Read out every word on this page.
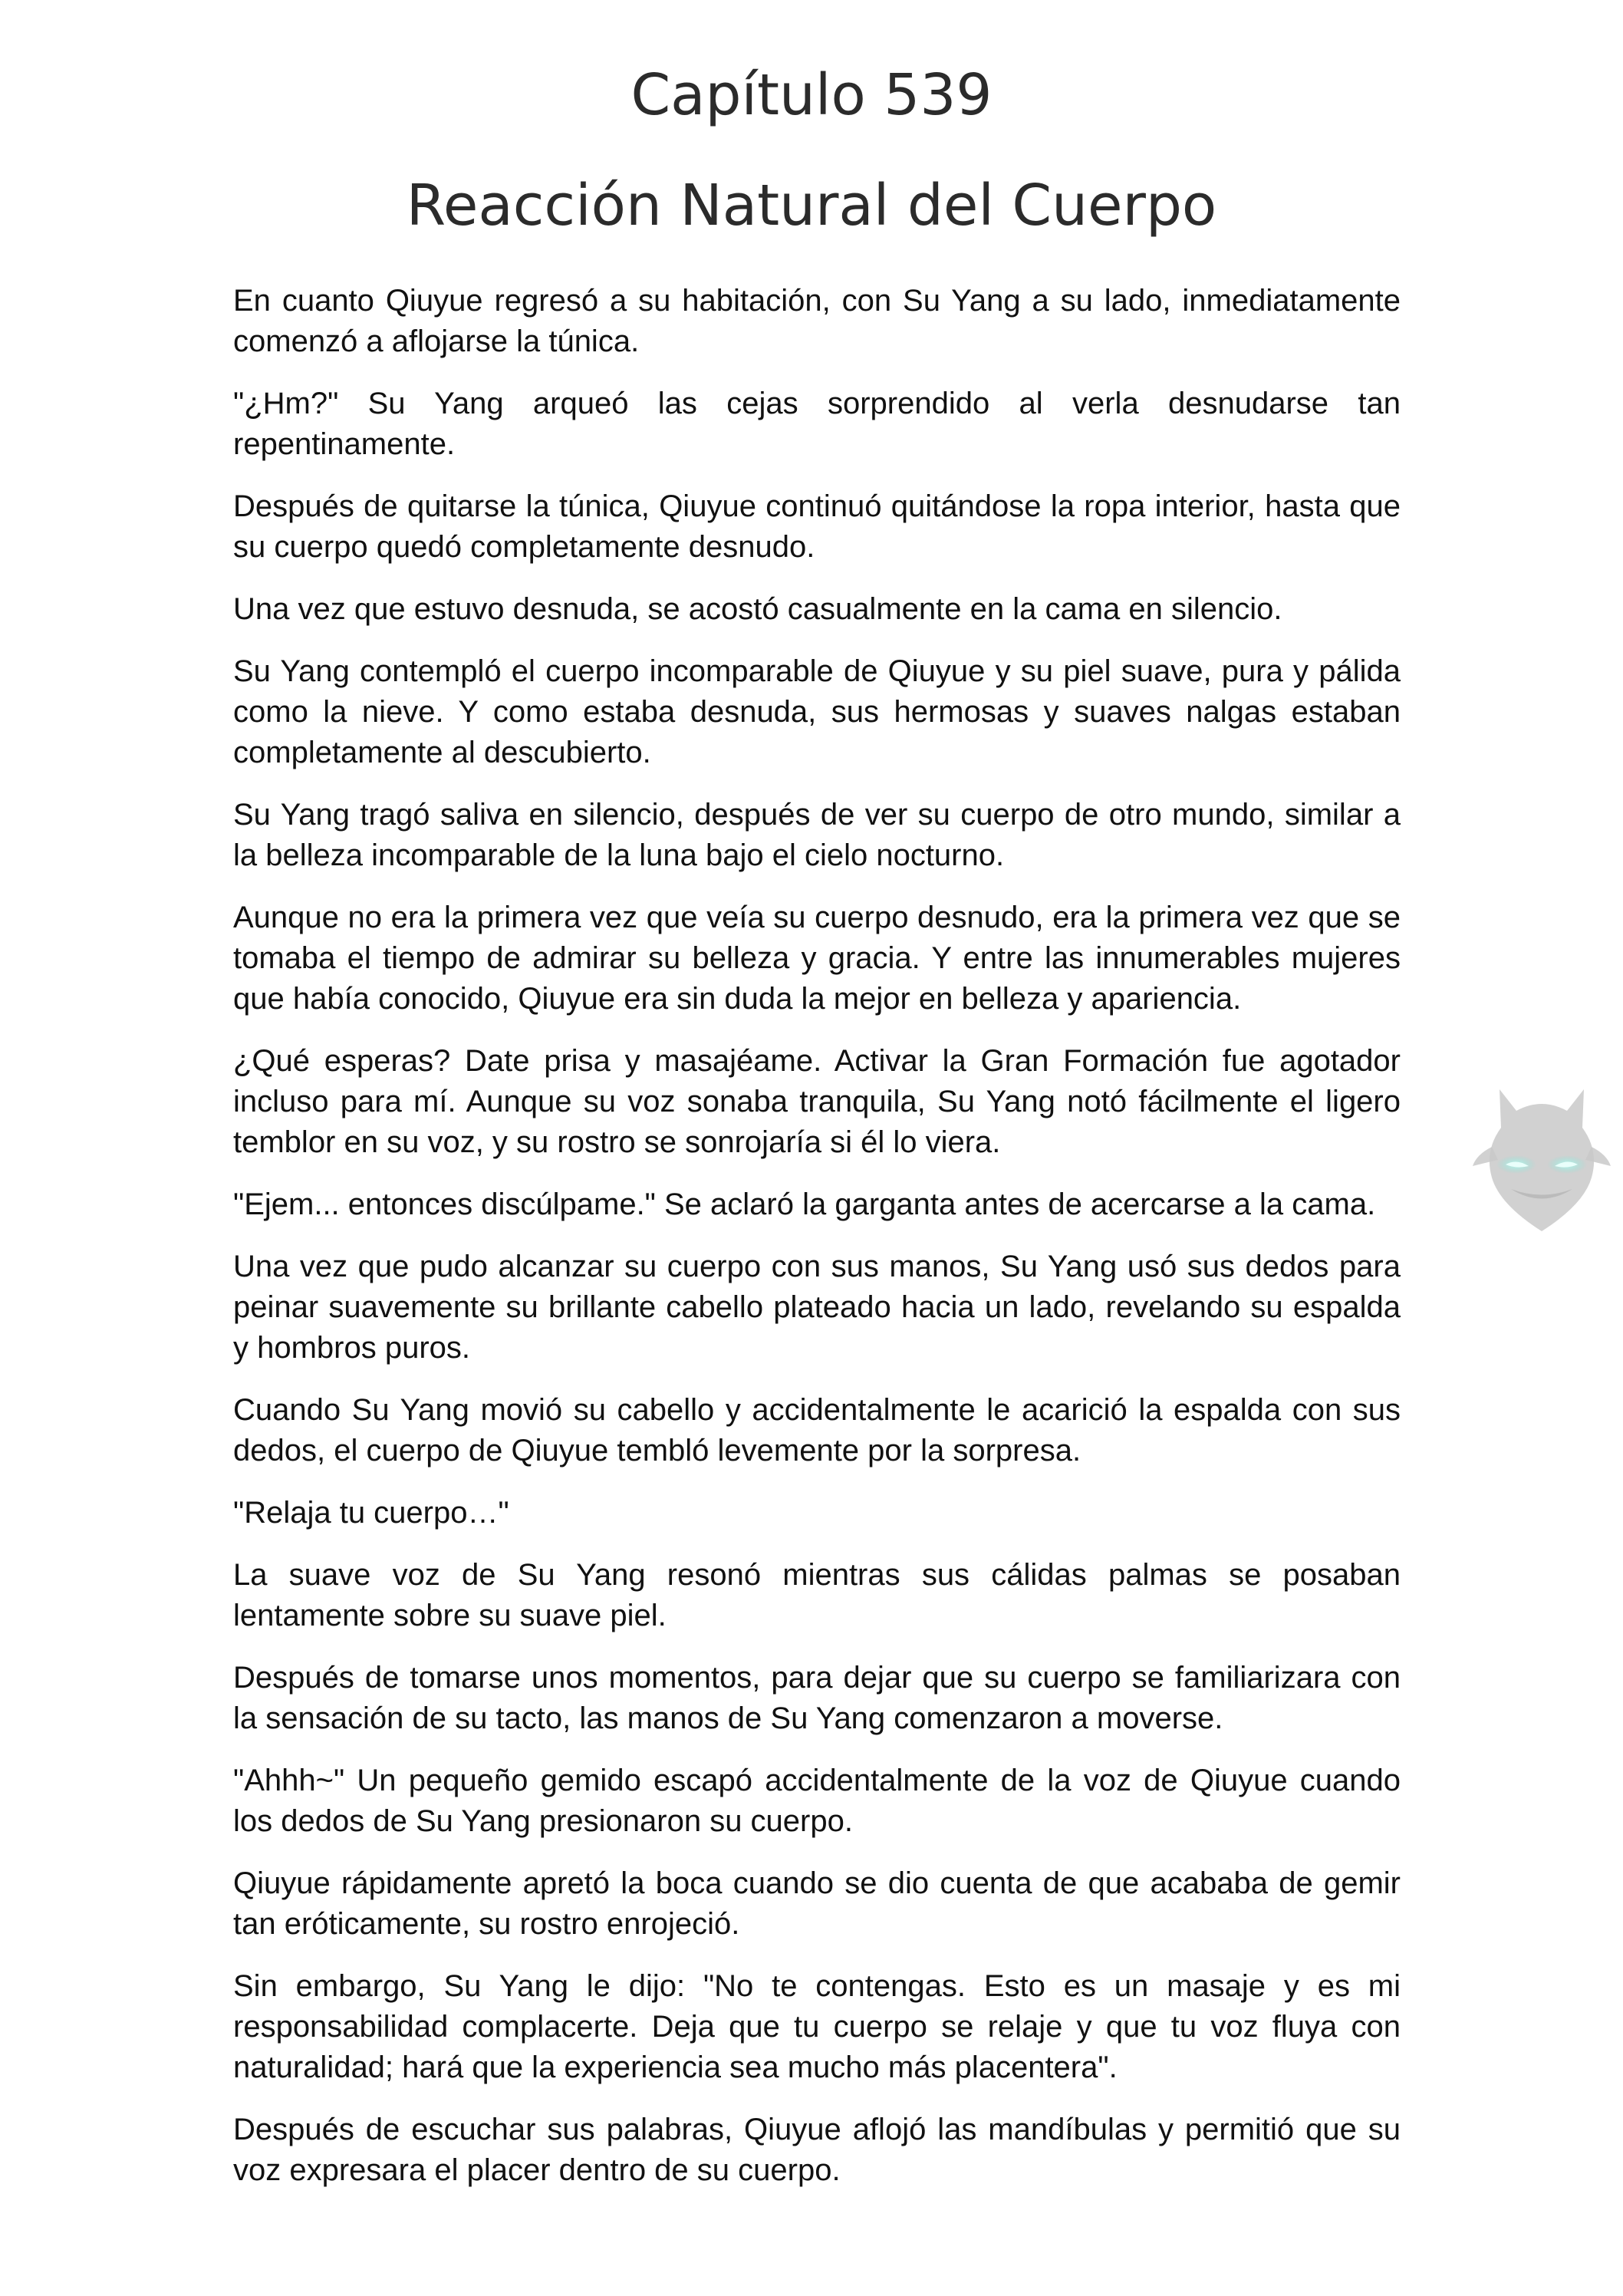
Capítulo 539
Reacción Natural del Cuerpo

En cuanto Qiuyue regresó a su habitación, con Su Yang a su lado, inmediatamente comenzó a aflojarse la túnica.

"¿Hm?" Su Yang arqueó las cejas sorprendido al verla desnudarse tan repentinamente.

Después de quitarse la túnica, Qiuyue continuó quitándose la ropa interior, hasta que su cuerpo quedó completamente desnudo.

Una vez que estuvo desnuda, se acostó casualmente en la cama en silencio.

Su Yang contempló el cuerpo incomparable de Qiuyue y su piel suave, pura y pálida como la nieve. Y como estaba desnuda, sus hermosas y suaves nalgas estaban completamente al descubierto.

Su Yang tragó saliva en silencio, después de ver su cuerpo de otro mundo, similar a la belleza incomparable de la luna bajo el cielo nocturno.

Aunque no era la primera vez que veía su cuerpo desnudo, era la primera vez que se tomaba el tiempo de admirar su belleza y gracia. Y entre las innumerables mujeres que había conocido, Qiuyue era sin duda la mejor en belleza y apariencia.

¿Qué esperas? Date prisa y masajéame. Activar la Gran Formación fue agotador incluso para mí. Aunque su voz sonaba tranquila, Su Yang notó fácilmente el ligero temblor en su voz, y su rostro se sonrojaría si él lo viera.

"Ejem... entonces discúlpame." Se aclaró la garganta antes de acercarse a la cama.

Una vez que pudo alcanzar su cuerpo con sus manos, Su Yang usó sus dedos para peinar suavemente su brillante cabello plateado hacia un lado, revelando su espalda y hombros puros.

Cuando Su Yang movió su cabello y accidentalmente le acarició la espalda con sus dedos, el cuerpo de Qiuyue tembló levemente por la sorpresa.

"Relaja tu cuerpo…"

La suave voz de Su Yang resonó mientras sus cálidas palmas se posaban lentamente sobre su suave piel.

Después de tomarse unos momentos, para dejar que su cuerpo se familiarizara con la sensación de su tacto, las manos de Su Yang comenzaron a moverse.

"Ahhh~" Un pequeño gemido escapó accidentalmente de la voz de Qiuyue cuando los dedos de Su Yang presionaron su cuerpo.

Qiuyue rápidamente apretó la boca cuando se dio cuenta de que acababa de gemir tan eróticamente, su rostro enrojeció.

Sin embargo, Su Yang le dijo: "No te contengas. Esto es un masaje y es mi responsabilidad complacerte. Deja que tu cuerpo se relaje y que tu voz fluya con naturalidad; hará que la experiencia sea mucho más placentera".

Después de escuchar sus palabras, Qiuyue aflojó las mandíbulas y permitió que su voz expresara el placer dentro de su cuerpo.
